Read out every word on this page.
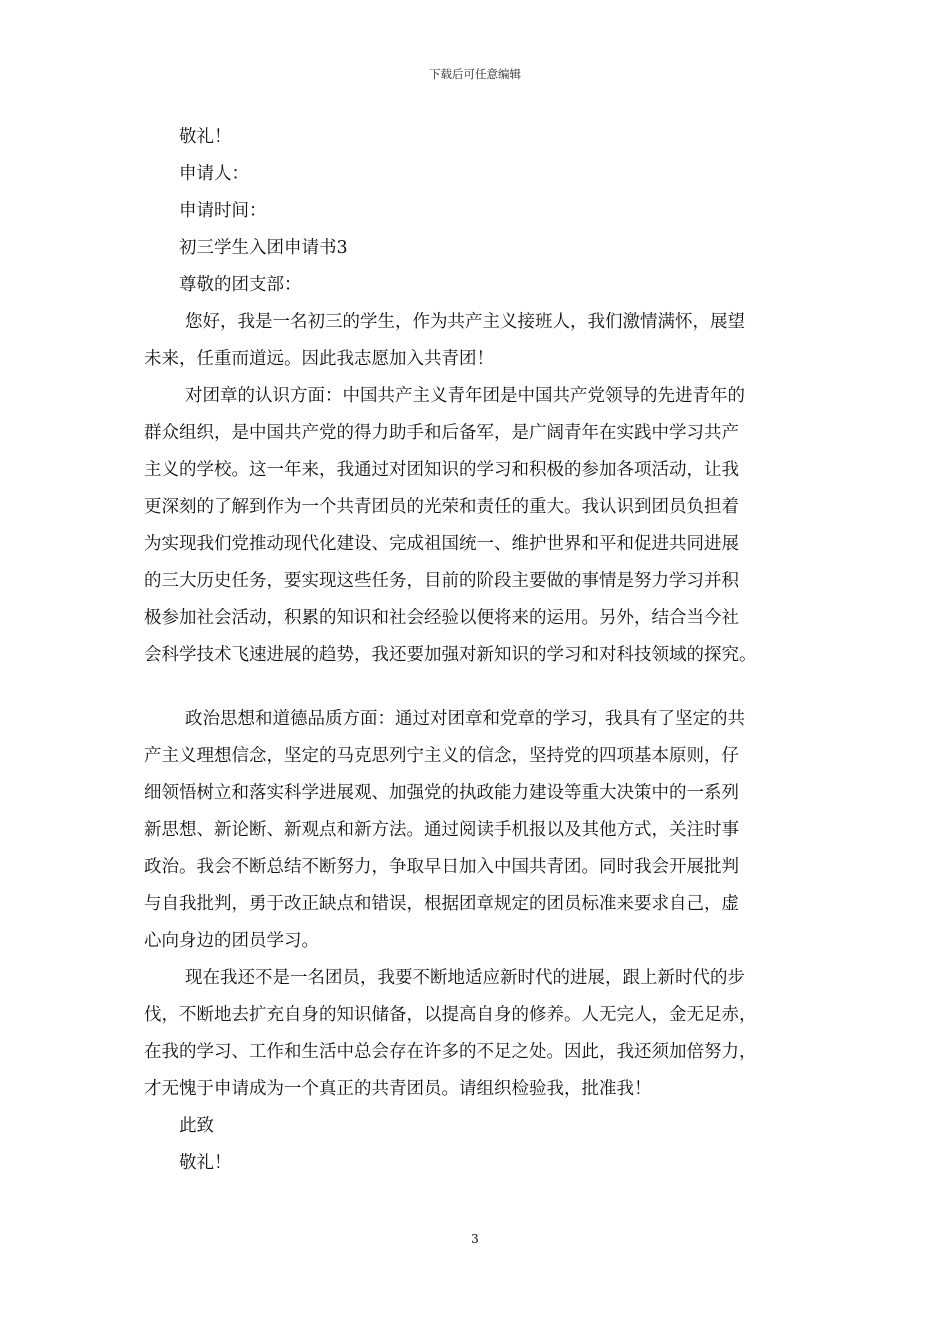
下载后可任意编辑
敬礼！
申请人：
申请时间：
初三学生入团申请书3
尊敬的团支部：
您好，我是一名初三的学生，作为共产主义接班人，我们激情满怀，展望
未来，任重而道远。因此我志愿加入共青团！
对团章的认识方面：中国共产主义青年团是中国共产党领导的先进青年的
群众组织，是中国共产党的得力助手和后备军，是广阔青年在实践中学习共产
主义的学校。这一年来，我通过对团知识的学习和积极的参加各项活动，让我
更深刻的了解到作为一个共青团员的光荣和责任的重大。我认识到团员负担着
为实现我们党推动现代化建设、完成祖国统一、维护世界和平和促进共同进展
的三大历史任务，要实现这些任务，目前的阶段主要做的事情是努力学习并积
极参加社会活动，积累的知识和社会经验以便将来的运用。另外，结合当今社
会科学技术飞速进展的趋势，我还要加强对新知识的学习和对科技领域的探究。
政治思想和道德品质方面：通过对团章和党章的学习，我具有了坚定的共
产主义理想信念，坚定的马克思列宁主义的信念，坚持党的四项基本原则，仔
细领悟树立和落实科学进展观、加强党的执政能力建设等重大决策中的一系列
新思想、新论断、新观点和新方法。通过阅读手机报以及其他方式，关注时事
政治。我会不断总结不断努力，争取早日加入中国共青团。同时我会开展批判
与自我批判，勇于改正缺点和错误，根据团章规定的团员标准来要求自己，虚
心向身边的团员学习。
现在我还不是一名团员，我要不断地适应新时代的进展，跟上新时代的步
伐，不断地去扩充自身的知识储备，以提高自身的修养。人无完人，金无足赤，
在我的学习、工作和生活中总会存在许多的不足之处。因此，我还须加倍努力，
才无愧于申请成为一个真正的共青团员。请组织检验我，批准我！
此致
敬礼！
3
